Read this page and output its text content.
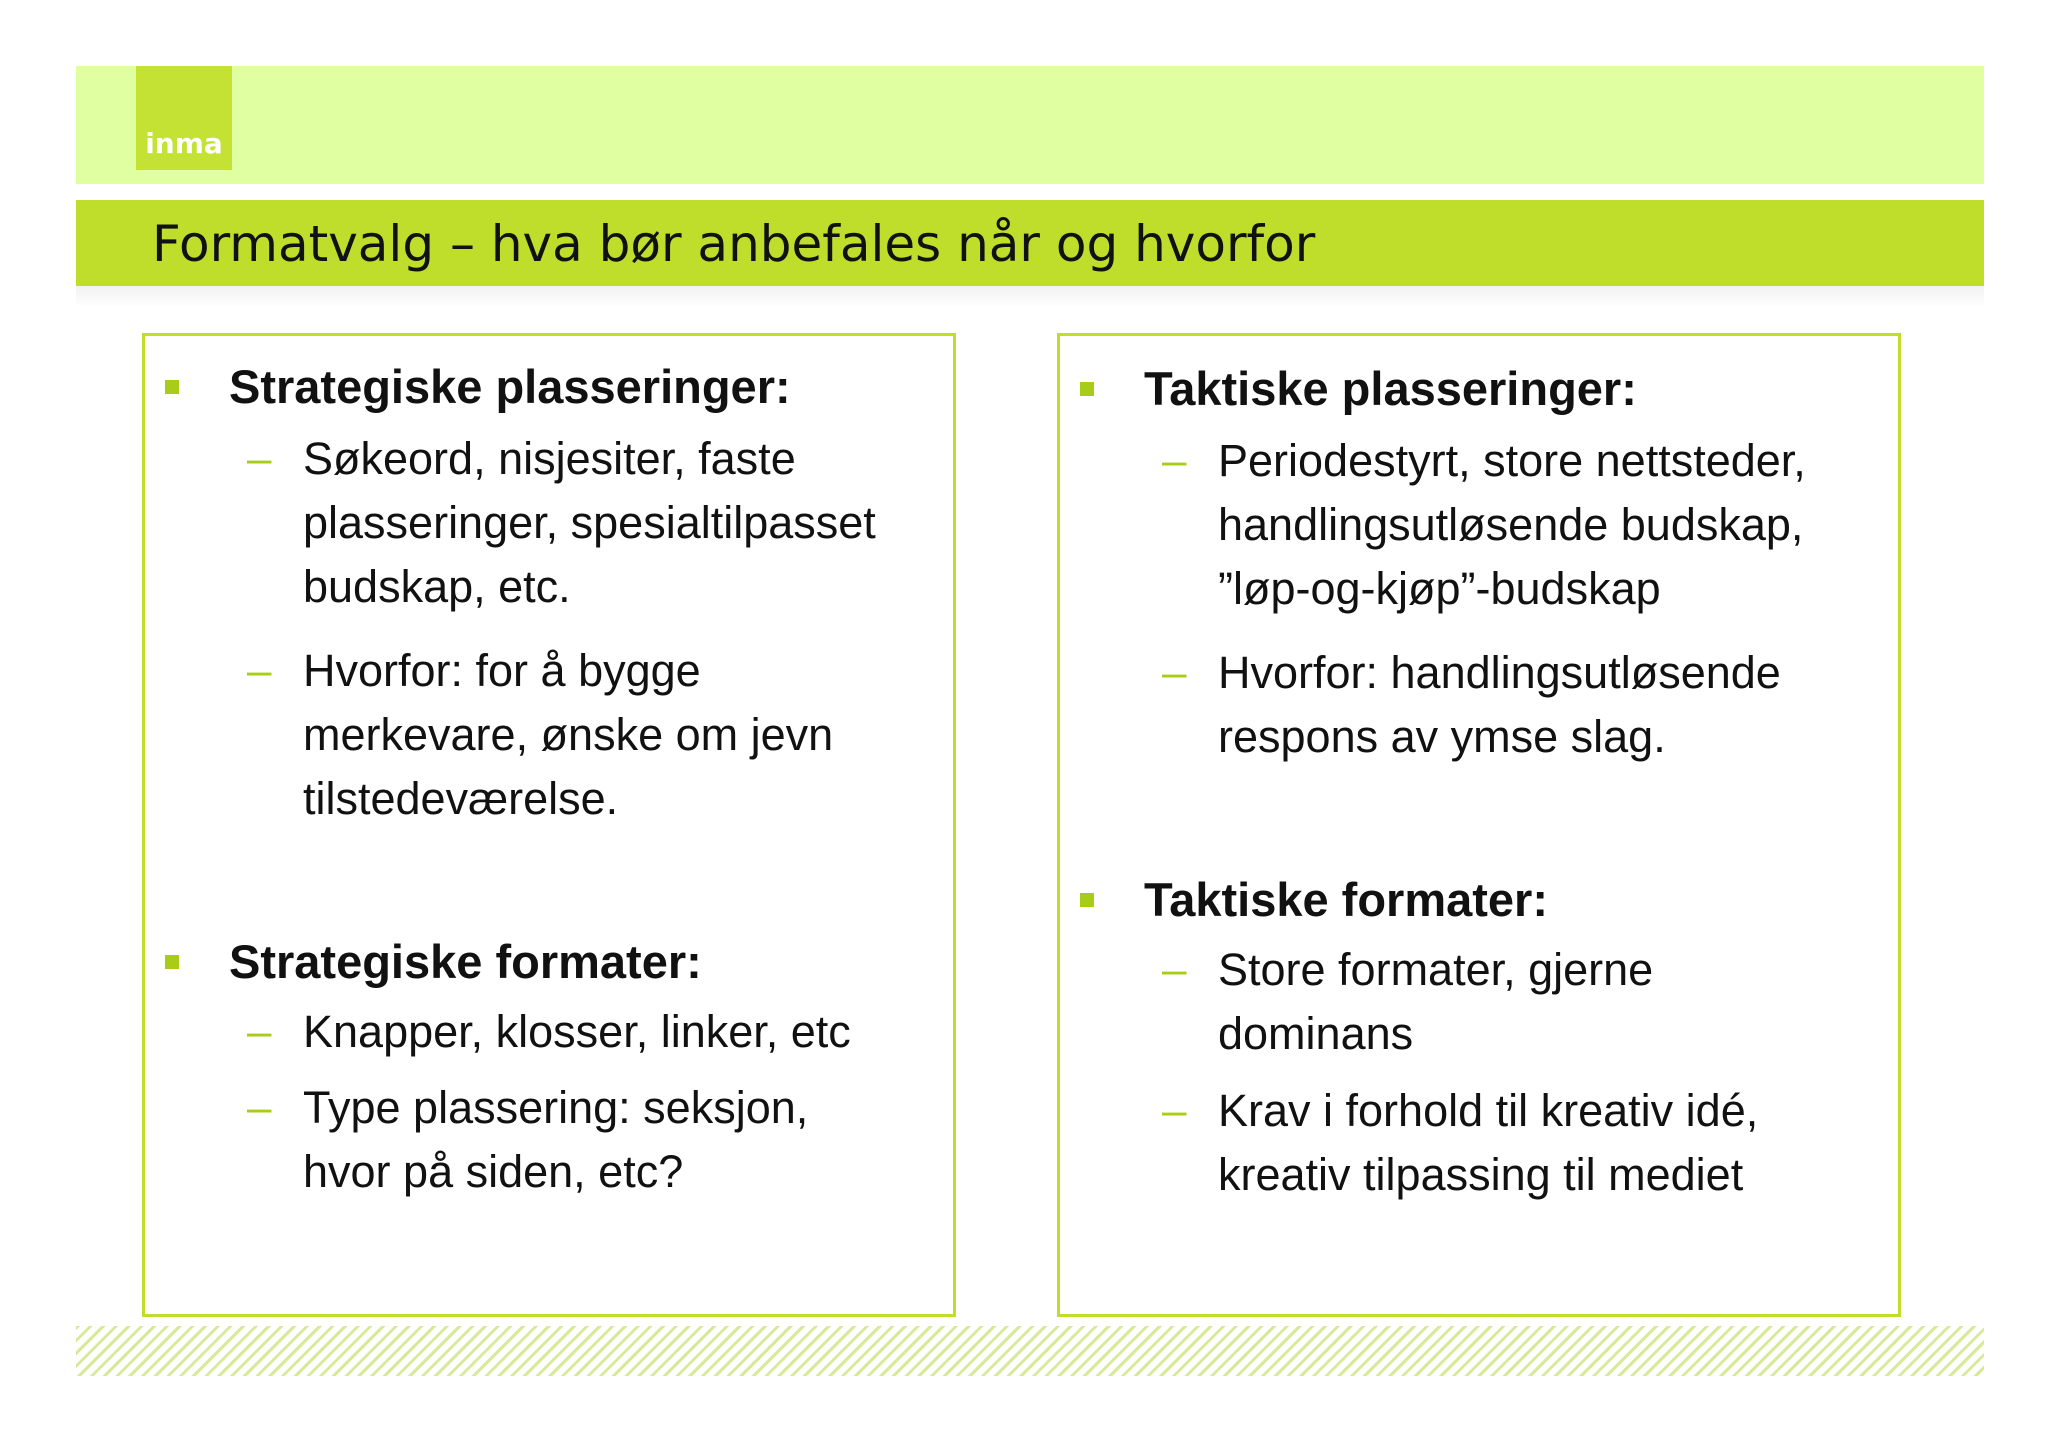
inma
Formatvalg – hva bør anbefales når og hvorfor
Strategiske plasseringer:
– Søkeord, nisjesiter, faste
plasseringer, spesialtilpasset
budskap, etc.
– Hvorfor: for å bygge
merkevare, ønske om jevn
tilstedeværelse.
Strategiske formater:
– Knapper, klosser, linker, etc
– Type plassering: seksjon,
hvor på siden, etc?
Taktiske plasseringer:
– Periodestyrt, store nettsteder,
handlingsutløsende budskap,
”løp-og-kjøp”-budskap
– Hvorfor: handlingsutløsende
respons av ymse slag.
Taktiske formater:
– Store formater, gjerne
dominans
– Krav i forhold til kreativ idé,
kreativ tilpassing til mediet
